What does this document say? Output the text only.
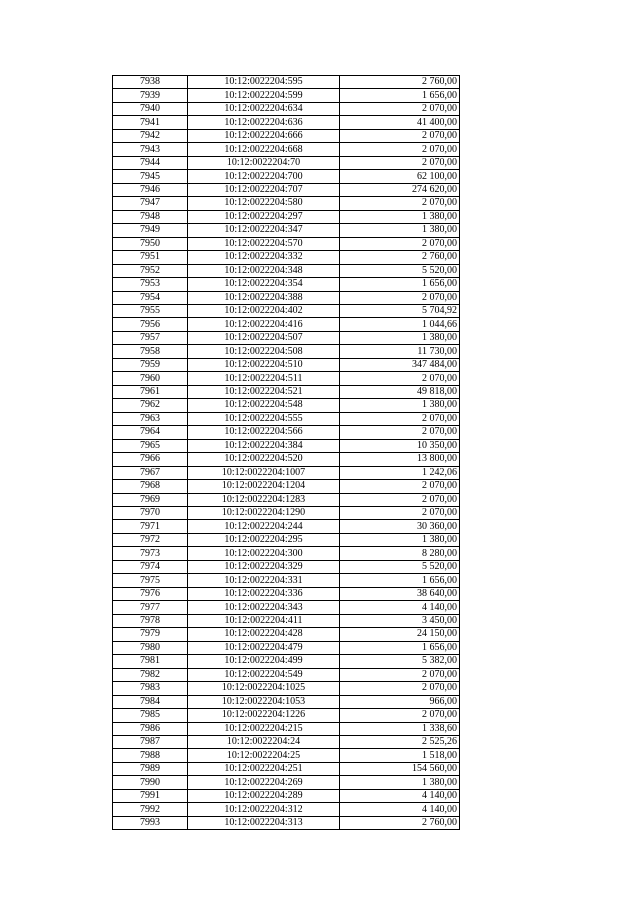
7938	10:12:0022204:595	2 760,00
7939	10:12:0022204:599	1 656,00
7940	10:12:0022204:634	2 070,00
7941	10:12:0022204:636	41 400,00
7942	10:12:0022204:666	2 070,00
7943	10:12:0022204:668	2 070,00
7944	10:12:0022204:70	2 070,00
7945	10:12:0022204:700	62 100,00
7946	10:12:0022204:707	274 620,00
7947	10:12:0022204:580	2 070,00
7948	10:12:0022204:297	1 380,00
7949	10:12:0022204:347	1 380,00
7950	10:12:0022204:570	2 070,00
7951	10:12:0022204:332	2 760,00
7952	10:12:0022204:348	5 520,00
7953	10:12:0022204:354	1 656,00
7954	10:12:0022204:388	2 070,00
7955	10:12:0022204:402	5 704,92
7956	10:12:0022204:416	1 044,66
7957	10:12:0022204:507	1 380,00
7958	10:12:0022204:508	11 730,00
7959	10:12:0022204:510	347 484,00
7960	10:12:0022204:511	2 070,00
7961	10:12:0022204:521	49 818,00
7962	10:12:0022204:548	1 380,00
7963	10:12:0022204:555	2 070,00
7964	10:12:0022204:566	2 070,00
7965	10:12:0022204:384	10 350,00
7966	10:12:0022204:520	13 800,00
7967	10:12:0022204:1007	1 242,06
7968	10:12:0022204:1204	2 070,00
7969	10:12:0022204:1283	2 070,00
7970	10:12:0022204:1290	2 070,00
7971	10:12:0022204:244	30 360,00
7972	10:12:0022204:295	1 380,00
7973	10:12:0022204:300	8 280,00
7974	10:12:0022204:329	5 520,00
7975	10:12:0022204:331	1 656,00
7976	10:12:0022204:336	38 640,00
7977	10:12:0022204:343	4 140,00
7978	10:12:0022204:411	3 450,00
7979	10:12:0022204:428	24 150,00
7980	10:12:0022204:479	1 656,00
7981	10:12:0022204:499	5 382,00
7982	10:12:0022204:549	2 070,00
7983	10:12:0022204:1025	2 070,00
7984	10:12:0022204:1053	966,00
7985	10:12:0022204:1226	2 070,00
7986	10:12:0022204:215	1 338,60
7987	10:12:0022204:24	2 525,26
7988	10:12:0022204:25	1 518,00
7989	10:12:0022204:251	154 560,00
7990	10:12:0022204:269	1 380,00
7991	10:12:0022204:289	4 140,00
7992	10:12:0022204:312	4 140,00
7993	10:12:0022204:313	2 760,00
